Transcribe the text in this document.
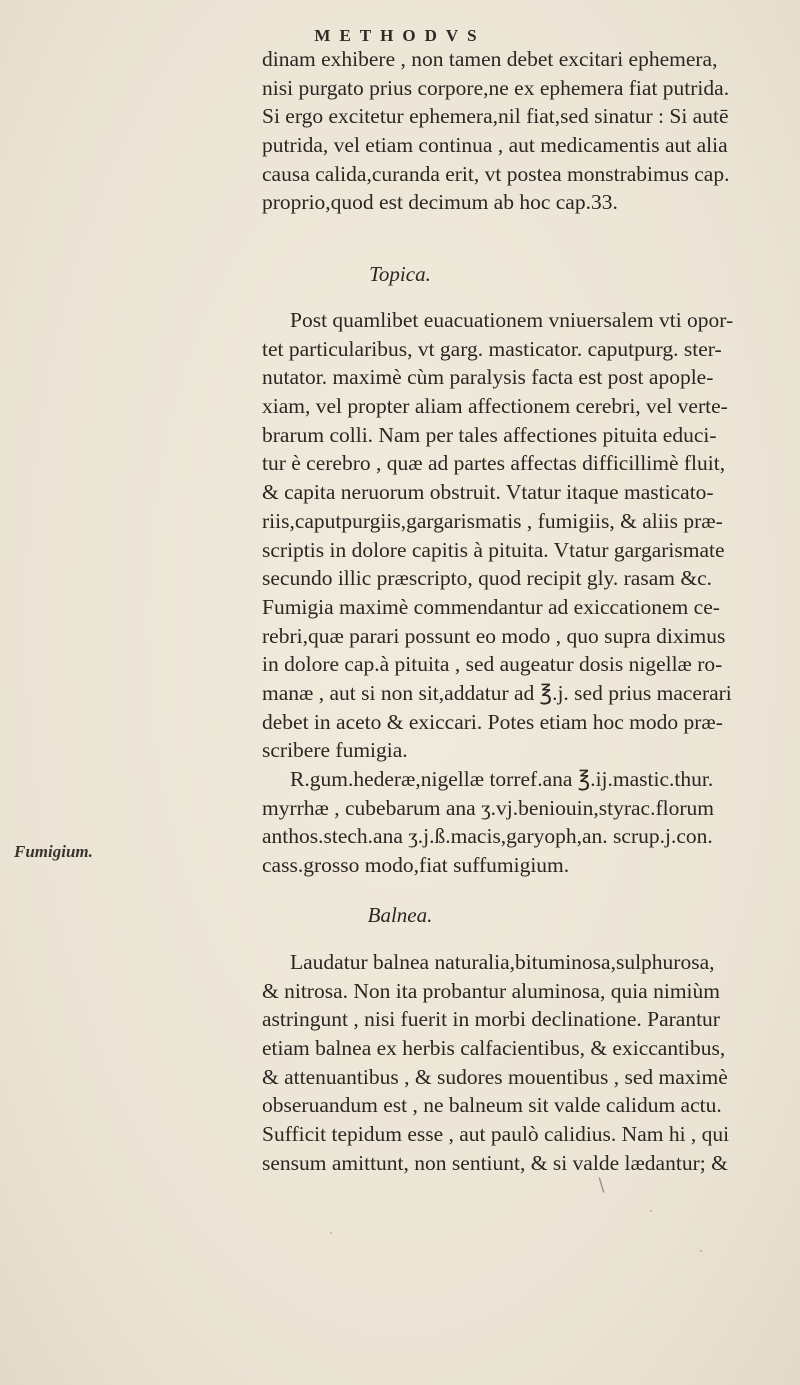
METHODVS
dinam exhibere , non tamen debet excitari ephemera,
nisi purgato prius corpore,ne ex ephemera fiat putrida.
Si ergo excitetur ephemera,nil fiat,sed sinatur : Si autē
putrida, vel etiam continua , aut medicamentis aut alia
causa calida,curanda erit, vt postea monstrabimus cap.
proprio,quod est decimum ab hoc cap.33.
Topica.
Post quamlibet euacuationem vniuersalem vti opor-
tet particularibus, vt garg. masticator. caputpurg. ster-
nutator. maximè cùm paralysis facta est post apople-
xiam, vel propter aliam affectionem cerebri, vel verte-
brarum colli. Nam per tales affectiones pituita educi-
tur è cerebro , quæ ad partes affectas difficillimè fluit,
& capita neruorum obstruit. Vtatur itaque masticato-
riis,caputpurgiis,gargarismatis , fumigiis, & aliis præ-
scriptis in dolore capitis à pituita. Vtatur gargarismate
secundo illic præscripto, quod recipit gly. rasam &c.
Fumigia maximè commendantur ad exiccationem ce-
rebri,quæ parari possunt eo modo , quo supra diximus
in dolore cap.à pituita , sed augeatur dosis nigellæ ro-
manæ , aut si non sit,addatur ad ℥.j. sed prius macerari
debet in aceto & exiccari. Potes etiam hoc modo præ-
scribere fumigia.
R.gum.hederæ,nigellæ torref.ana ℥.ij.mastic.thur.
myrrhæ , cubebarum ana ʒ.vj.beniouin,styrac.florum
anthos.stech.ana ʒ.j.ß.macis,garyoph,an. scrup.j.con.
cass.grosso modo,fiat suffumigium.
Fumigium.
Balnea.
Laudatur balnea naturalia,bituminosa,sulphurosa,
& nitrosa. Non ita probantur aluminosa, quia nimiùm
astringunt , nisi fuerit in morbi declinatione. Parantur
etiam balnea ex herbis calfacientibus, & exiccantibus,
& attenuantibus , & sudores mouentibus , sed maximè
obseruandum est , ne balneum sit valde calidum actu.
Sufficit tepidum esse , aut paulò calidius. Nam hi , qui
sensum amittunt, non sentiunt, & si valde lædantur; &
∖
